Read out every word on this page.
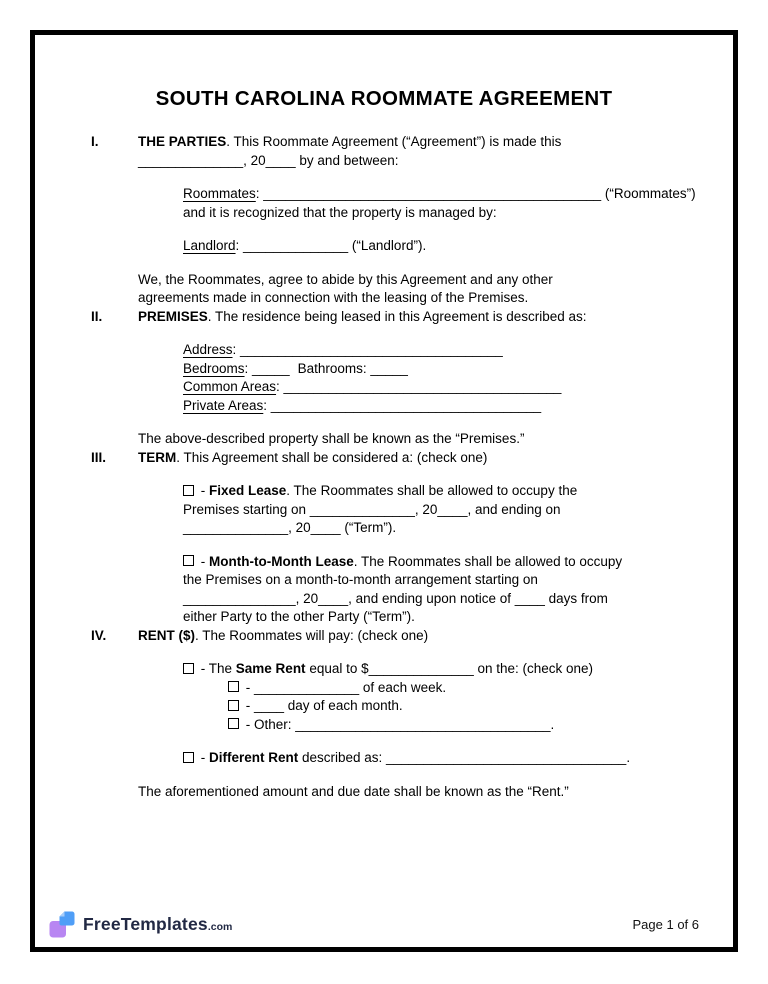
SOUTH CAROLINA ROOMMATE AGREEMENT
I.	THE PARTIES. This Roommate Agreement (“Agreement”) is made this
______________, 20____ by and between:

Roommates: _____________________________________________ (“Roommates”)
and it is recognized that the property is managed by:

Landlord: ______________ (“Landlord”).

We, the Roommates, agree to abide by this Agreement and any other
agreements made in connection with the leasing of the Premises.

II.	PREMISES. The residence being leased in this Agreement is described as:

Address: ___________________________________
Bedrooms: _____ Bathrooms: _____
Common Areas: _____________________________________
Private Areas: ____________________________________

The above-described property shall be known as the “Premises.”

III.	TERM. This Agreement shall be considered a: (check one)

- Fixed Lease. The Roommates shall be allowed to occupy the
Premises starting on ______________, 20____, and ending on
______________, 20____ (“Term”).

- Month-to-Month Lease. The Roommates shall be allowed to occupy
the Premises on a month-to-month arrangement starting on
_______________, 20____, and ending upon notice of ____ days from
either Party to the other Party (“Term”).

IV.	RENT ($). The Roommates will pay: (check one)

- The Same Rent equal to $______________ on the: (check one)
- ______________ of each week.
- ____ day of each month.
- Other: __________________________________.

- Different Rent described as: ________________________________.

The aforementioned amount and due date shall be known as the “Rent.”

FreeTemplates.com	Page 1 of 6
